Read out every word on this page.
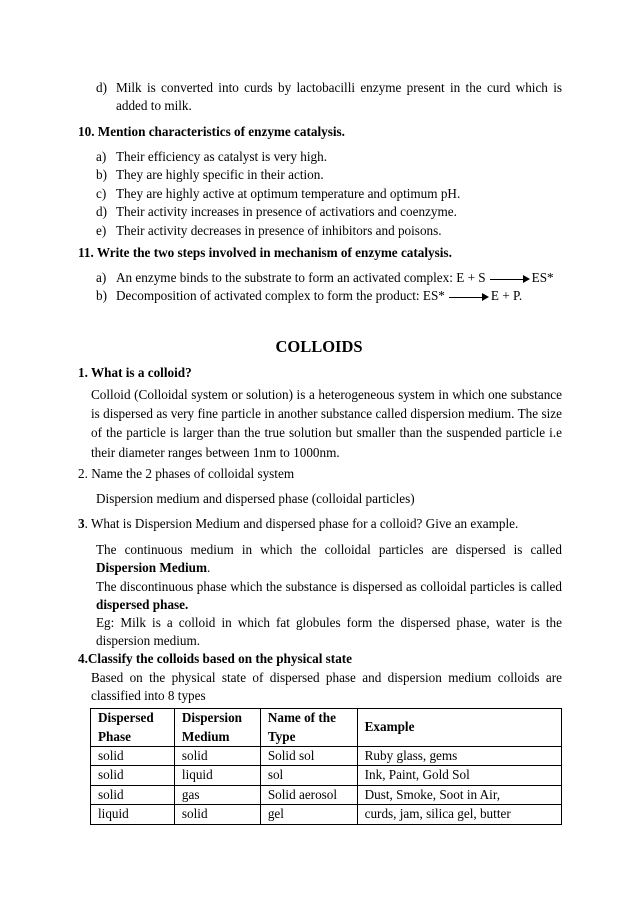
d) Milk is converted into curds by lactobacilli enzyme present in the curd which is added to milk.
10. Mention characteristics of enzyme catalysis.
a) Their efficiency as catalyst is very high.
b) They are highly specific in their action.
c) They are highly active at optimum temperature and optimum pH.
d) Their activity increases in presence of activatiors and coenzyme.
e) Their activity decreases in presence of inhibitors and poisons.
11. Write the two steps involved in mechanism of enzyme catalysis.
a) An enzyme binds to the substrate to form an activated complex: E + S	ES*
b) Decomposition of activated complex to form the product: ES*	E + P.
COLLOIDS
1. What is a colloid?
Colloid (Colloidal system or solution) is a heterogeneous system in which one substance is dispersed as very fine particle in another substance called dispersion medium. The size of the particle is larger than the true solution but smaller than the suspended particle i.e their diameter ranges between 1nm to 1000nm.
2. Name the 2 phases of colloidal system
Dispersion medium and dispersed phase (colloidal particles)
3. What is Dispersion Medium and dispersed phase for a colloid? Give an example.
The continuous medium in which the colloidal particles are dispersed is called Dispersion Medium.
The discontinuous phase which the substance is dispersed as colloidal particles is called dispersed phase.
Eg: Milk is a colloid in which fat globules form the dispersed phase, water is the dispersion medium.
4.Classify the colloids based on the physical state
Based on the physical state of dispersed phase and dispersion medium colloids are classified into 8 types
Dispersed Phase	Dispersion Medium	Name of the Type	Example
solid	solid	Solid sol	Ruby glass, gems
solid	liquid	sol	Ink, Paint, Gold Sol
solid	gas	Solid aerosol	Dust, Smoke, Soot in Air,
liquid	solid	gel	curds, jam, silica gel, butter
